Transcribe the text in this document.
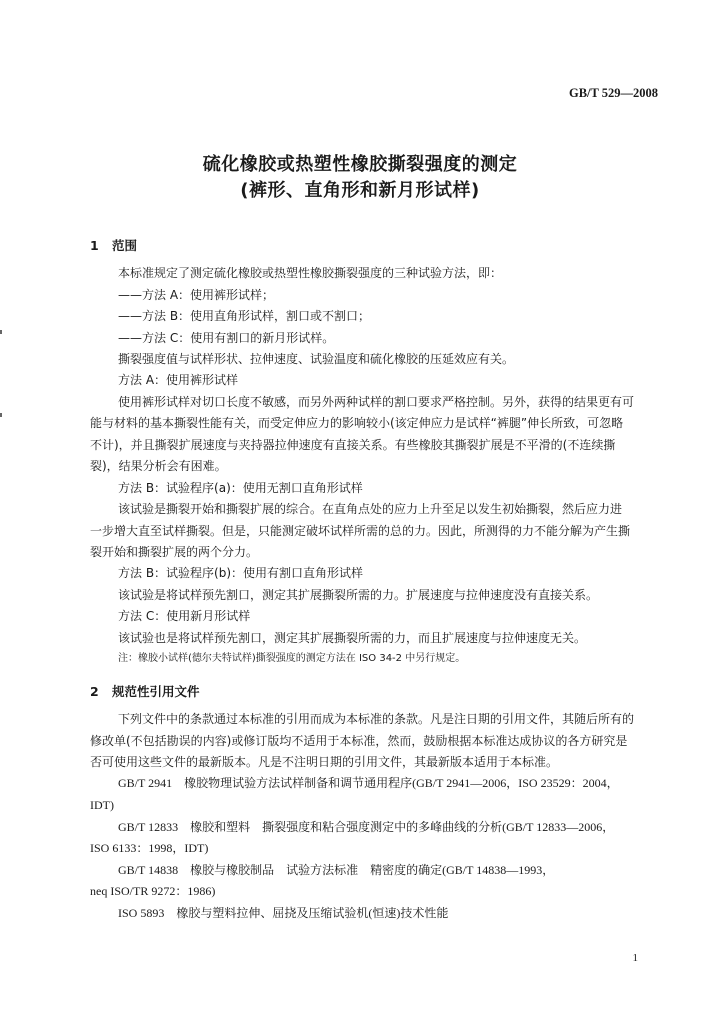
GB/T 529—2008
硫化橡胶或热塑性橡胶撕裂强度的测定
(裤形、直角形和新月形试样)
1 范围
本标准规定了测定硫化橡胶或热塑性橡胶撕裂强度的三种试验方法，即：
——方法 A：使用裤形试样；
——方法 B：使用直角形试样，割口或不割口；
——方法 C：使用有割口的新月形试样。
撕裂强度值与试样形状、拉伸速度、试验温度和硫化橡胶的压延效应有关。
方法 A：使用裤形试样
使用裤形试样对切口长度不敏感，而另外两种试样的割口要求严格控制。另外，获得的结果更有可
能与材料的基本撕裂性能有关，而受定伸应力的影响较小(该定伸应力是试样“裤腿”伸长所致，可忽略
不计)，并且撕裂扩展速度与夹持器拉伸速度有直接关系。有些橡胶其撕裂扩展是不平滑的(不连续撕
裂)，结果分析会有困难。
方法 B：试验程序(a)：使用无割口直角形试样
该试验是撕裂开始和撕裂扩展的综合。在直角点处的应力上升至足以发生初始撕裂，然后应力进
一步增大直至试样撕裂。但是，只能测定破坏试样所需的总的力。因此，所测得的力不能分解为产生撕
裂开始和撕裂扩展的两个分力。
方法 B：试验程序(b)：使用有割口直角形试样
该试验是将试样预先割口，测定其扩展撕裂所需的力。扩展速度与拉伸速度没有直接关系。
方法 C：使用新月形试样
该试验也是将试样预先割口，测定其扩展撕裂所需的力，而且扩展速度与拉伸速度无关。
注：橡胶小试样(德尔夫特试样)撕裂强度的测定方法在 ISO 34-2 中另行规定。
2 规范性引用文件
下列文件中的条款通过本标准的引用而成为本标准的条款。凡是注日期的引用文件，其随后所有的
修改单(不包括勘误的内容)或修订版均不适用于本标准，然而，鼓励根据本标准达成协议的各方研究是
否可使用这些文件的最新版本。凡是不注明日期的引用文件，其最新版本适用于本标准。
GB/T 2941　橡胶物理试验方法试样制备和调节通用程序(GB/T 2941—2006，ISO 23529：2004，
IDT)
GB/T 12833　橡胶和塑料　撕裂强度和粘合强度测定中的多峰曲线的分析(GB/T 12833—2006，
ISO 6133：1998，IDT)
GB/T 14838　橡胶与橡胶制品　试验方法标准　精密度的确定(GB/T 14838—1993，
neq ISO/TR 9272：1986)
ISO 5893　橡胶与塑料拉伸、屈挠及压缩试验机(恒速)技术性能
1
